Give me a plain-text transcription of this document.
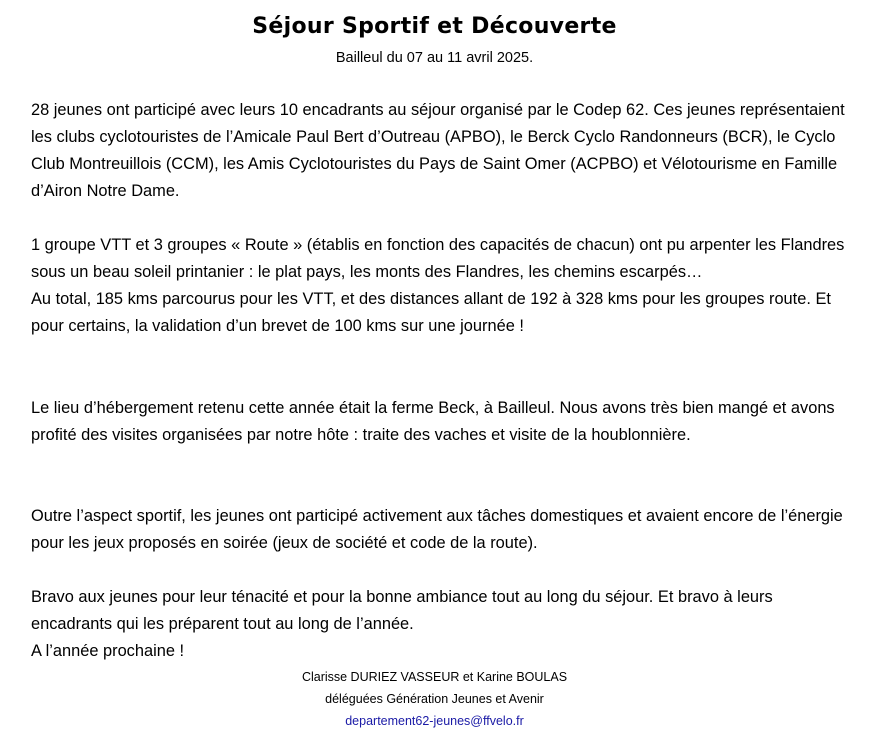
Séjour Sportif et Découverte
Bailleul du 07 au 11 avril 2025.

28 jeunes ont participé avec leurs 10 encadrants au séjour organisé par le Codep 62. Ces jeunes représentaient les clubs cyclotouristes de l’Amicale Paul Bert d’Outreau (APBO), le Berck Cyclo Randonneurs (BCR), le Cyclo Club Montreuillois (CCM), les Amis Cyclotouristes du Pays de Saint Omer (ACPBO) et Vélotourisme en Famille d’Airon Notre Dame.

1 groupe VTT et 3 groupes « Route » (établis en fonction des capacités de chacun) ont pu arpenter les Flandres sous un beau soleil printanier : le plat pays, les monts des Flandres, les chemins escarpés…

Au total, 185 kms parcourus pour les VTT, et des distances allant de 192 à 328 kms pour les groupes route. Et pour certains, la validation d’un brevet de 100 kms sur une journée !

Le lieu d’hébergement retenu cette année était la ferme Beck, à Bailleul. Nous avons très bien mangé et avons profité des visites organisées par notre hôte : traite des vaches et visite de la houblonnière.

Outre l’aspect sportif, les jeunes ont participé activement aux tâches domestiques et avaient encore de l’énergie pour les jeux proposés en soirée (jeux de société et code de la route).

Bravo aux jeunes pour leur ténacité et pour la bonne ambiance tout au long du séjour. Et bravo à leurs encadrants qui les préparent tout au long de l’année.

A l’année prochaine !

Clarisse DURIEZ VASSEUR et Karine BOULAS
déléguées Génération Jeunes et Avenir
departement62-jeunes@ffvelo.fr
